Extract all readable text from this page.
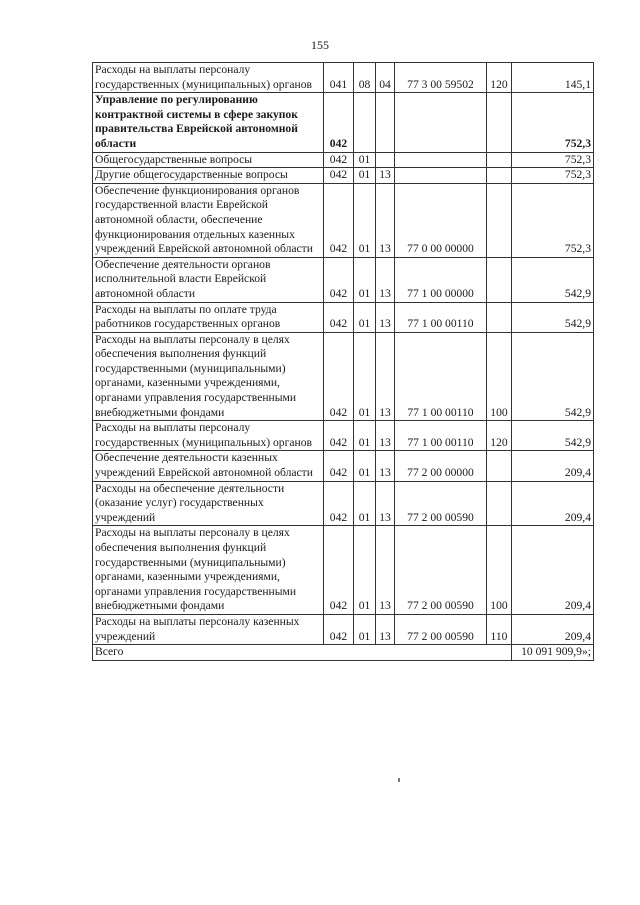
155
Расходы на выплаты персоналу государственных (муниципальных) органов	041	08	04	77 3 00 59502	120	145,1
Управление по регулированию контрактной системы в сфере закупок правительства Еврейской автономной области	042					752,3
Общегосударственные вопросы	042	01				752,3
Другие общегосударственные вопросы	042	01	13			752,3
Обеспечение функционирования органов государственной власти Еврейской автономной области, обеспечение функционирования отдельных казенных учреждений Еврейской автономной области	042	01	13	77 0 00 00000		752,3
Обеспечение деятельности органов исполнительной власти Еврейской автономной области	042	01	13	77 1 00 00000		542,9
Расходы на выплаты по оплате труда работников государственных органов	042	01	13	77 1 00 00110		542,9
Расходы на выплаты персоналу в целях обеспечения выполнения функций государственными (муниципальными) органами, казенными учреждениями, органами управления государственными внебюджетными фондами	042	01	13	77 1 00 00110	100	542,9
Расходы на выплаты персоналу государственных (муниципальных) органов	042	01	13	77 1 00 00110	120	542,9
Обеспечение деятельности казенных учреждений Еврейской автономной области	042	01	13	77 2 00 00000		209,4
Расходы на обеспечение деятельности (оказание услуг) государственных учреждений	042	01	13	77 2 00 00590		209,4
Расходы на выплаты персоналу в целях обеспечения выполнения функций государственными (муниципальными) органами, казенными учреждениями, органами управления государственными внебюджетными фондами	042	01	13	77 2 00 00590	100	209,4
Расходы на выплаты персоналу казенных учреждений	042	01	13	77 2 00 00590	110	209,4
Всего						10 091 909,9»;
